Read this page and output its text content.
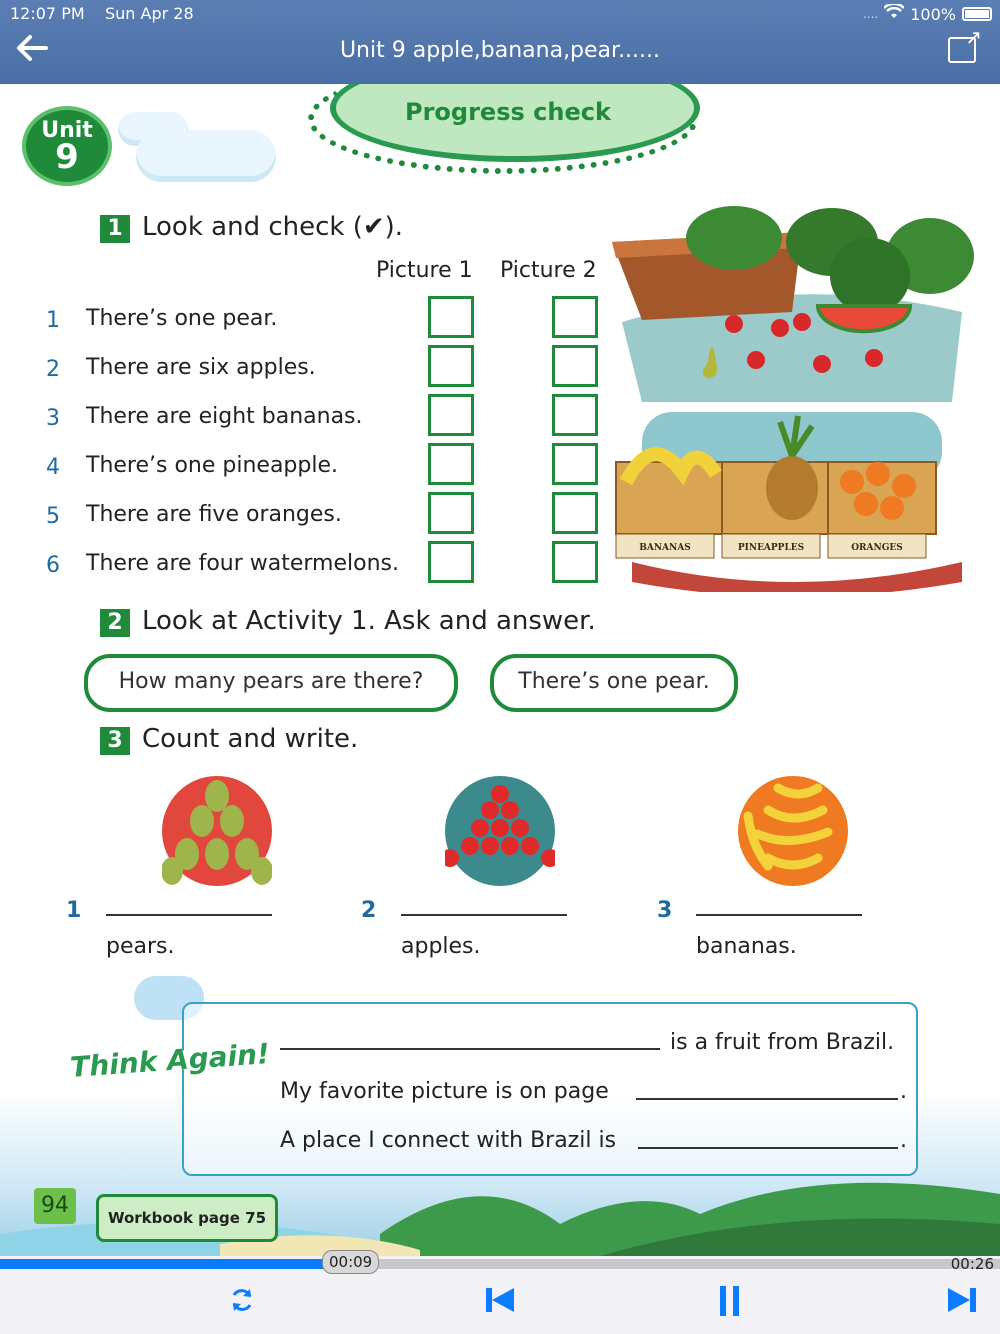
12:07 PM Sun Apr 28	.... 100%
Unit 9 apple,banana,pear......
↗
Unit
9
Progress check
1 Look and check (✔).
Picture 1 Picture 2
1 There’s one pear.
2 There are six apples.
3 There are eight bananas.
4 There’s one pineapple.
5 There are five oranges.
6 There are four watermelons.
BANANAS	PINEAPPLES	ORANGES
2 Look at Activity 1. Ask and answer.
How many pears are there?	There’s one pear.
3 Count and write.
1
pears.
2
apples.
3
bananas.
Think Again!	is a fruit from Brazil.
My favorite picture is on page	.
A place I connect with Brazil is	.
94	Workbook page 75
00:09	00:26
